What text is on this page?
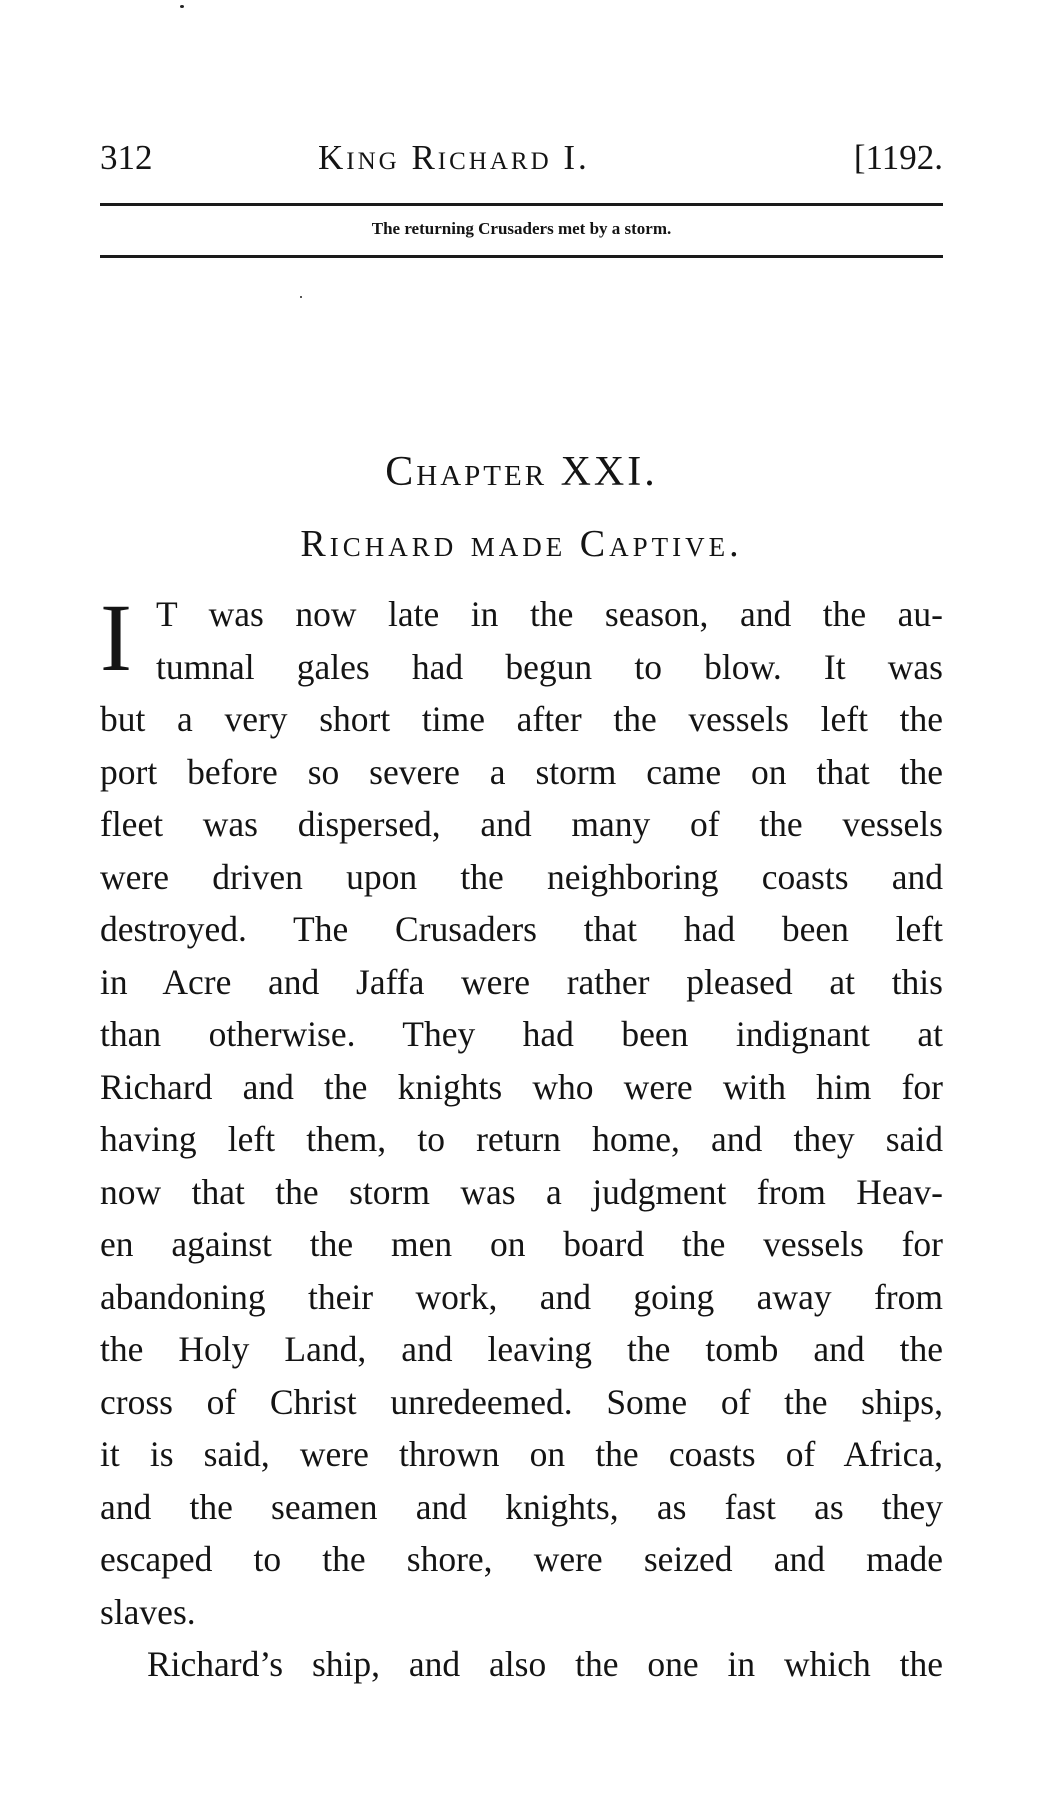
312	King Richard I.	[1192.
The returning Crusaders met by a storm.
Chapter XXI.
Richard made Captive.
I T was now late in the season, and the au-
tumnal gales had begun to blow. It was
but a very short time after the vessels left the
port before so severe a storm came on that the
fleet was dispersed, and many of the vessels
were driven upon the neighboring coasts and
destroyed. The Crusaders that had been left
in Acre and Jaffa were rather pleased at this
than otherwise. They had been indignant at
Richard and the knights who were with him for
having left them, to return home, and they said
now that the storm was a judgment from Heav-
en against the men on board the vessels for
abandoning their work, and going away from
the Holy Land, and leaving the tomb and the
cross of Christ unredeemed. Some of the ships,
it is said, were thrown on the coasts of Africa,
and the seamen and knights, as fast as they
escaped to the shore, were seized and made
slaves.
Richard’s ship, and also the one in which the
